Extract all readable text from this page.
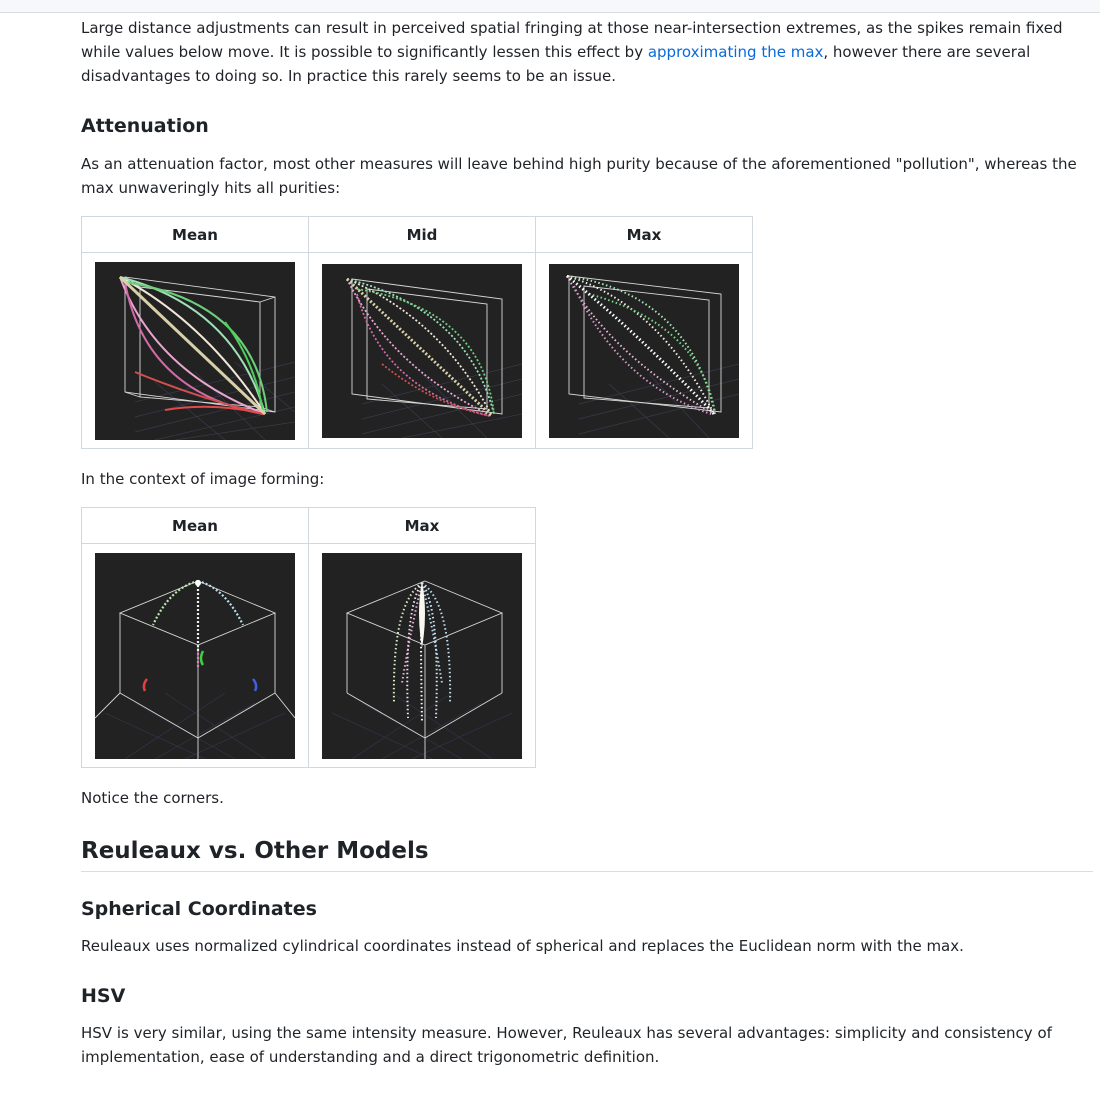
Large distance adjustments can result in perceived spatial fringing at those near-intersection extremes, as the spikes remain fixed while values below move. It is possible to significantly lessen this effect by approximating the max, however there are several disadvantages to doing so. In practice this rarely seems to be an issue.

Attenuation

As an attenuation factor, most other measures will leave behind high purity because of the aforementioned "pollution", whereas the max unwaveringly hits all purities:

Mean	Mid	Max

In the context of image forming:

Mean	Max

Notice the corners.

Reuleaux vs. Other Models
Spherical Coordinates

Reuleaux uses normalized cylindrical coordinates instead of spherical and replaces the Euclidean norm with the max.

HSV

HSV is very similar, using the same intensity measure. However, Reuleaux has several advantages: simplicity and consistency of implementation, ease of understanding and a direct trigonometric definition.
